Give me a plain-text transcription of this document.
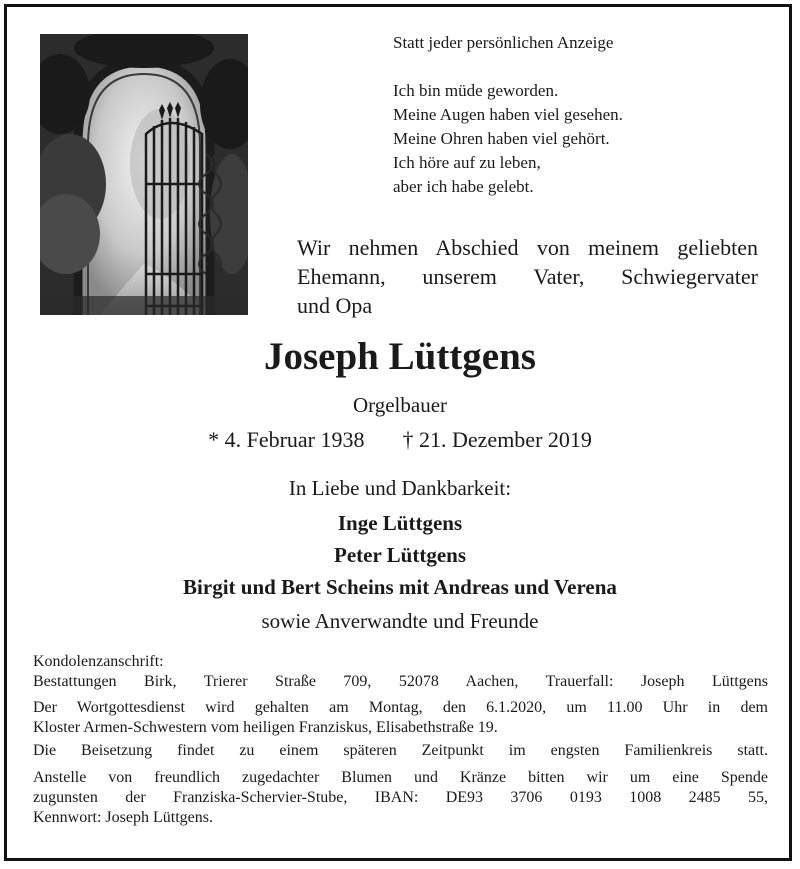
Statt jeder persönlichen Anzeige

Ich bin müde geworden.
Meine Augen haben viel gesehen.
Meine Ohren haben viel gehört.
Ich höre auf zu leben,
aber ich habe gelebt.
Wir nehmen Abschied von meinem geliebten
Ehemann, unserem Vater, Schwiegervater
und Opa
Joseph Lüttgens
Orgelbauer
* 4. Februar 1938 † 21. Dezember 2019
In Liebe und Dankbarkeit:
Inge Lüttgens
Peter Lüttgens
Birgit und Bert Scheins mit Andreas und Verena
sowie Anverwandte und Freunde
Kondolenzanschrift:
Bestattungen Birk, Trierer Straße 709, 52078 Aachen, Trauerfall: Joseph Lüttgens
Der Wortgottesdienst wird gehalten am Montag, den 6.1.2020, um 11.00 Uhr in dem
Kloster Armen-Schwestern vom heiligen Franziskus, Elisabethstraße 19.
Die Beisetzung findet zu einem späteren Zeitpunkt im engsten Familienkreis statt.
Anstelle von freundlich zugedachter Blumen und Kränze bitten wir um eine Spende
zugunsten der Franziska-Schervier-Stube, IBAN: DE93 3706 0193 1008 2485 55,
Kennwort: Joseph Lüttgens.
